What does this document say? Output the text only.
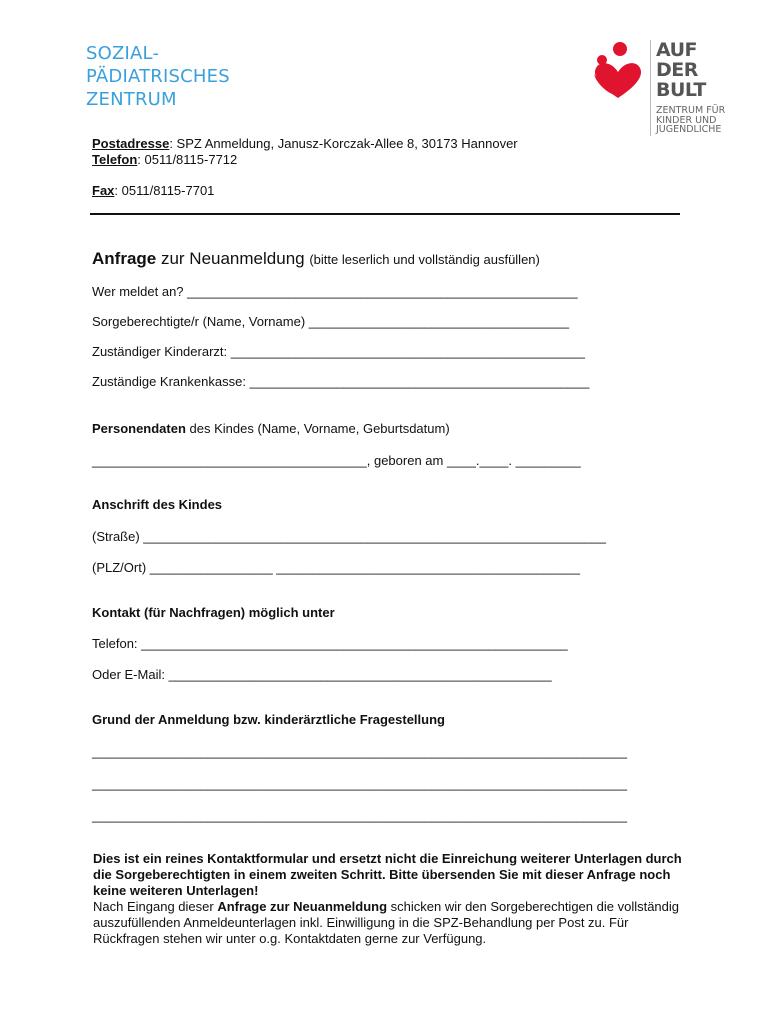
SOZIAL-
PÄDIATRISCHES
ZENTRUM
AUF
DER
BULT
ZENTRUM FÜR
KINDER UND
JUGENDLICHE
Postadresse: SPZ Anmeldung, Janusz-Korczak-Allee 8, 30173 Hannover
Telefon: 0511/8115-7712
Fax: 0511/8115-7701
Anfrage zur Neuanmeldung (bitte leserlich und vollständig ausfüllen)
Wer meldet an? ______________________________________________________
Sorgeberechtigte/r (Name, Vorname) ____________________________________
Zuständiger Kinderarzt: _________________________________________________
Zuständige Krankenkasse: _______________________________________________
Personendaten des Kindes (Name, Vorname, Geburtsdatum)
______________________________________, geboren am ____.____. _________
Anschrift des Kindes
(Straße) ________________________________________________________________
(PLZ/Ort) _________________ __________________________________________
Kontakt (für Nachfragen) möglich unter
Telefon: ___________________________________________________________
Oder E-Mail: _____________________________________________________
Grund der Anmeldung bzw. kinderärztliche Fragestellung
__________________________________________________________________________
__________________________________________________________________________
__________________________________________________________________________
Dies ist ein reines Kontaktformular und ersetzt nicht die Einreichung weiterer Unterlagen durch die Sorgeberechtigten in einem zweiten Schritt. Bitte übersenden Sie mit dieser Anfrage noch keine weiteren Unterlagen!
Nach Eingang dieser Anfrage zur Neuanmeldung schicken wir den Sorgeberechtigen die vollständig auszufüllenden Anmeldeunterlagen inkl. Einwilligung in die SPZ-Behandlung per Post zu. Für Rückfragen stehen wir unter o.g. Kontaktdaten gerne zur Verfügung.
